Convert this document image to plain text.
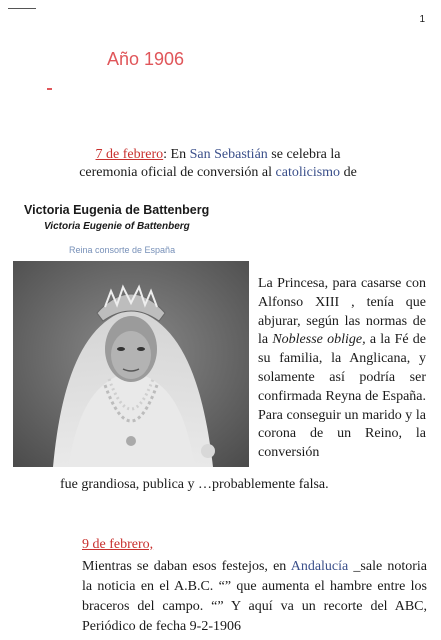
1
Año 1906
7 de febrero: En San Sebastián se celebra la
ceremonia oficial de conversión al catolicismo de
Victoria Eugenia de Battenberg
Victoria Eugenie of Battenberg
Reina consorte de España
La Princesa, para casarse con Alfonso XIII , tenía que abjurar, según las normas de la Noblesse oblige, a la Fé de su familia, la Anglicana, y solamente así podría ser confirmada Reyna de España. Para conseguir un marido y la corona de un Reino, la conversión
fue grandiosa, publica y …probablemente falsa.
9 de febrero,
Mientras se daban esos festejos, en Andalucía _sale notoria la noticia en el A.B.C. “” que aumenta el hambre entre los braceros del campo. “” Y aquí va un recorte del ABC, Periódico de fecha 9-2-1906
